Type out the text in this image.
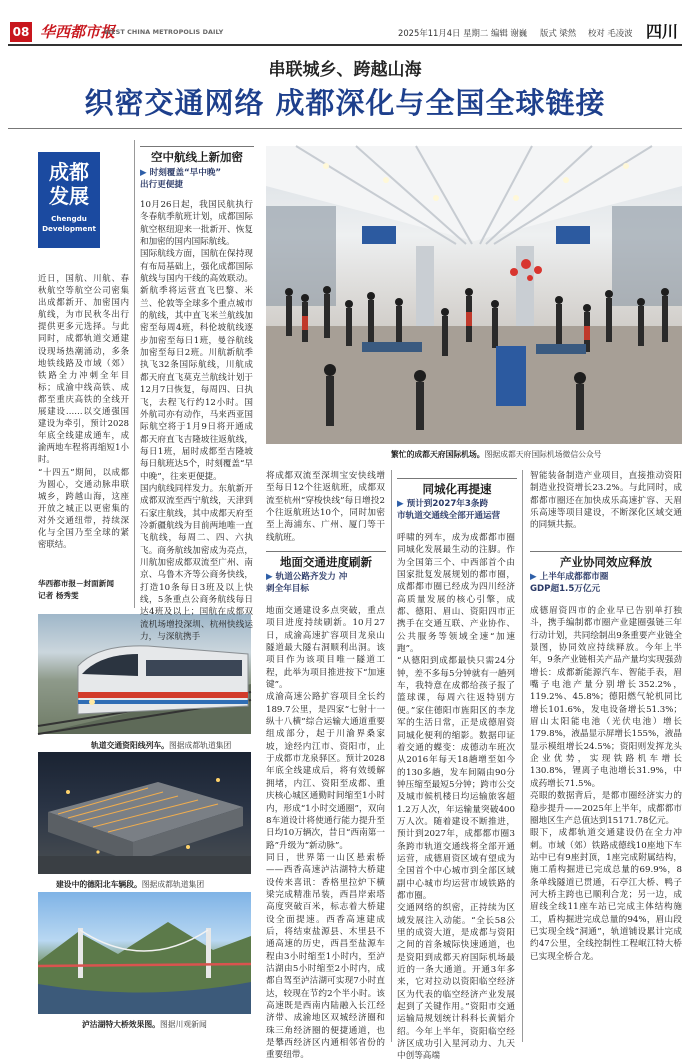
08 华西都市报
WEST CHINA METROPOLIS DAILY	2025年11月4日 星期二 编辑 谢巍 版式 梁然 校对 毛凌波 四川
串联城乡、跨越山海
织密交通网络 成都深化与全国全球链接
成都
发展
Chengdu
Development
近日，国航、川航、春秋航空等航空公司密集出成都新开、加密国内航线，为市民秋冬出行提供更多元选择。与此同时，成都轨道交通建设现场热潮涌动，多条地铁线路及市域（郊）铁路全力冲刺全年目标；成渝中线高铁、成都至重庆高铁的全线开展建设……以交通强国建设为牵引，预计2028年底全线建成通车，成渝两地车程将再缩短1小时。
“十四五”期间，以成都为圆心，交通动脉串联城乡，跨越山海，这座开放之城正以更密集的对外交通纽带，持续深化与全国乃至全球的紧密联结。
华西都市报－封面新闻
记者 杨秀雯
轨道交通资阳线列车。图据成都轨道集团
建设中的德阳北车辆段。图据成都轨道集团
泸沽湖特大桥效果图。图据川观新闻
空中航线上新加密
▶ 时刻覆盖“早中晚”
出行更便捷
10月26日起，我国民航执行冬春航季航班计划，成都国际航空枢纽迎来一批新开、恢复和加密的国内国际航线。
国际航线方面，国航在保持现有布局基础上，强化成都国际航线与国内干线的高效联动。新航季将运营直飞巴黎、米兰、伦敦等全球多个重点城市的航线，其中直飞米兰航线加密至每周4班，科伦坡航线逐步加密至每日1班，曼谷航线加密至每日2班。川航新航季执飞32条国际航线，川航成都天府直飞莫克兰航线计划于12月7日恢复，每周四、日执飞，去程飞行约12小时。国外航司亦有动作，马来西亚国际航空将于1月9日将开通成都天府直飞吉隆坡往返航线，每日1班，届时成都至吉隆坡每日航班达5个，时刻覆盖“早中晚”，往来更便捷。
国内航线同样发力。东航新开成都双流至西宁航线，天津到石家庄航线，其中成都天府至冷新疆航线为目前两地唯一直飞航线，每周二、四、六执飞。商务航线加密成为亮点，川航加密成都双流至广州、南京、乌鲁木齐等公商务快线，打造10条每日3班及以上快线，5条重点公商务航线每日达4班及以上；国航在成都双流机场增投深圳、杭州快线运力，与深航携手
繁忙的成都天府国际机场。图据成都天府国际机场微信公众号
将成都双流至深圳宝安快线增至每日12个往返航班，成都双流至杭州“穿梭快线”每日增投2个往返航班达10个，同时加密至上海浦东、广州、厦门等干线航班。
地面交通进度刷新
▶ 轨道公路齐发力 冲
刺全年目标
地面交通建设多点突破，重点项目进度持续刷新。10月27日，成渝高速扩容项目龙泉山隧道最大隧右洞顺利出洞。该项目作为该项目唯一隧道工程，此举为项目推进按下“加速键”。
成渝高速公路扩容项目全长约189.7公里，是四家“七射十一纵十八横”综合运输大通道重要组成部分，起于川渝界桑家坡，途经内江市、资阳市，止于成都市龙泉驿区。预计2028年底全线建成后，将有效缓解拥堵，内江、资阳至成都、重庆核心城区通勤时间缩至1小时内，形成“1小时交通圈”，双向8车道设计将使通行能力提升至日均10万辆次，昔日“西南第一路”升级为“新动脉”。
同日，世界第一山区悬索桥——西香高速泸沽湖特大桥建设传来喜讯：香格里拉炉下横梁完成精准吊装，西昌岸索塔高度突破百米，标志着大桥建设全面提速。西香高速建成后，将结束盐源县、木里县不通高速的历史，西昌至盐源车程由3小时缩至1小时内，至泸沽湖由5小时缩至2小时内，成都自驾至泸沽湖可实现7小时直达，较现在节约2个半小时。该高速既是西南内陆融入长江经济带、成渝地区双城经济圈和珠三角经济圈的便捷通道，也是攀西经济区内通相邻省份的重要纽带。
同城化再提速
▶ 预计到2027年3条跨
市轨道交通线全部开通运营
呼啸的列车，成为成都都市圈同城化发展最生动的注脚。作为全国第三个、中西部首个由国家批复发展规划的都市圈，成都都市圈已经成为四川经济高质量发展的核心引擎，成都、德阳、眉山、资阳四市正携手在交通互联、产业协作、公共服务等领域全速“加速跑”。
“从德阳到成都最快只需24分钟，差不多每5分钟就有一趟列车，我特意在成都给孩子报了篮球课，每周六往返特别方便。”家住德阳市旌阳区的李龙军的生活日常，正是成德眉资同城化便利的缩影。数据印证着交通的蝶变：成德动车班次从2016年每天18趟增至如今的130多趟，发车间隔由90分钟压缩至最短5分钟；跨市公交及城市候机楼日均运输旅客超1.2万人次，年运输量突破400万人次。随着建设不断推进，预计到2027年，成都都市圈3条跨市轨道交通线将全部开通运营，成德眉资区域有望成为全国首个中心城市到全部区域副中心城市均运营市域铁路的都市圈。
交通网络的织密，正持续为区域发展注入动能。“全长58公里的成资大道，是成都与资阳之间的首条城际快速通道，也是资阳到成都天府国际机场最近的一条大通道。开通3年多来，它对拉动以资阳临空经济区为代表的临空经济产业发展起到了关键作用。”资阳市交通运输局规划统计科科长黄韬介绍。今年上半年，资阳临空经济区成功引入星河动力、九天中创等高端
智能装备制造产业项目，直接推动资阳制造业投资增长23.2%。与此同时，成都都市圈还在加快成乐高速扩容、天眉乐高速等项目建设，不断深化区域交通的同频共振。
产业协同效应释放
▶ 上半年成都都市圈
GDP超1.5万亿元
成德眉资四市的企业早已告别单打独斗，携手编制都市圈产业建圈强链三年行动计划，共同绘制出9条重要产业链全景图，协同效应持续释放。今年上半年，9条产业链相关产品产量均实现强劲增长：成都新能源汽车、智能手表，眉嘴子电池产量分别增长352.2%，119.2%、45.8%；德阳燃气轮机同比增长101.6%，发电设备增长51.3%；眉山太阳能电池（光伏电池）增长179.8%，液晶显示屏增长155%，液晶显示模组增长24.5%；资阳则发挥龙头企业优势，实现铁路机车增长130.8%，锂离子电池增长31.9%，中成药增长71.5%。
亮眼的数据背后，是都市圈经济实力的稳步提升——2025年上半年，成都都市圈地区生产总值达到15171.78亿元。
眼下，成都轨道交通建设仍在全力冲刺。市域（郊）铁路成德线10座地下车站中已有9座封顶，1座完成附属结构，施工盾构掘进已完成总量的69.9%，8条单线隧道已贯通，石亭江大桥、鸭子河大桥主跨也已顺利合龙；另一边，成眉线全线11座车站已完成主体结构施工，盾构掘进完成总量的94%，眉山段已实现全线“洞通”，轨道铺设累计完成约47公里，全线控制性工程岷江特大桥已实现全桥合龙。
